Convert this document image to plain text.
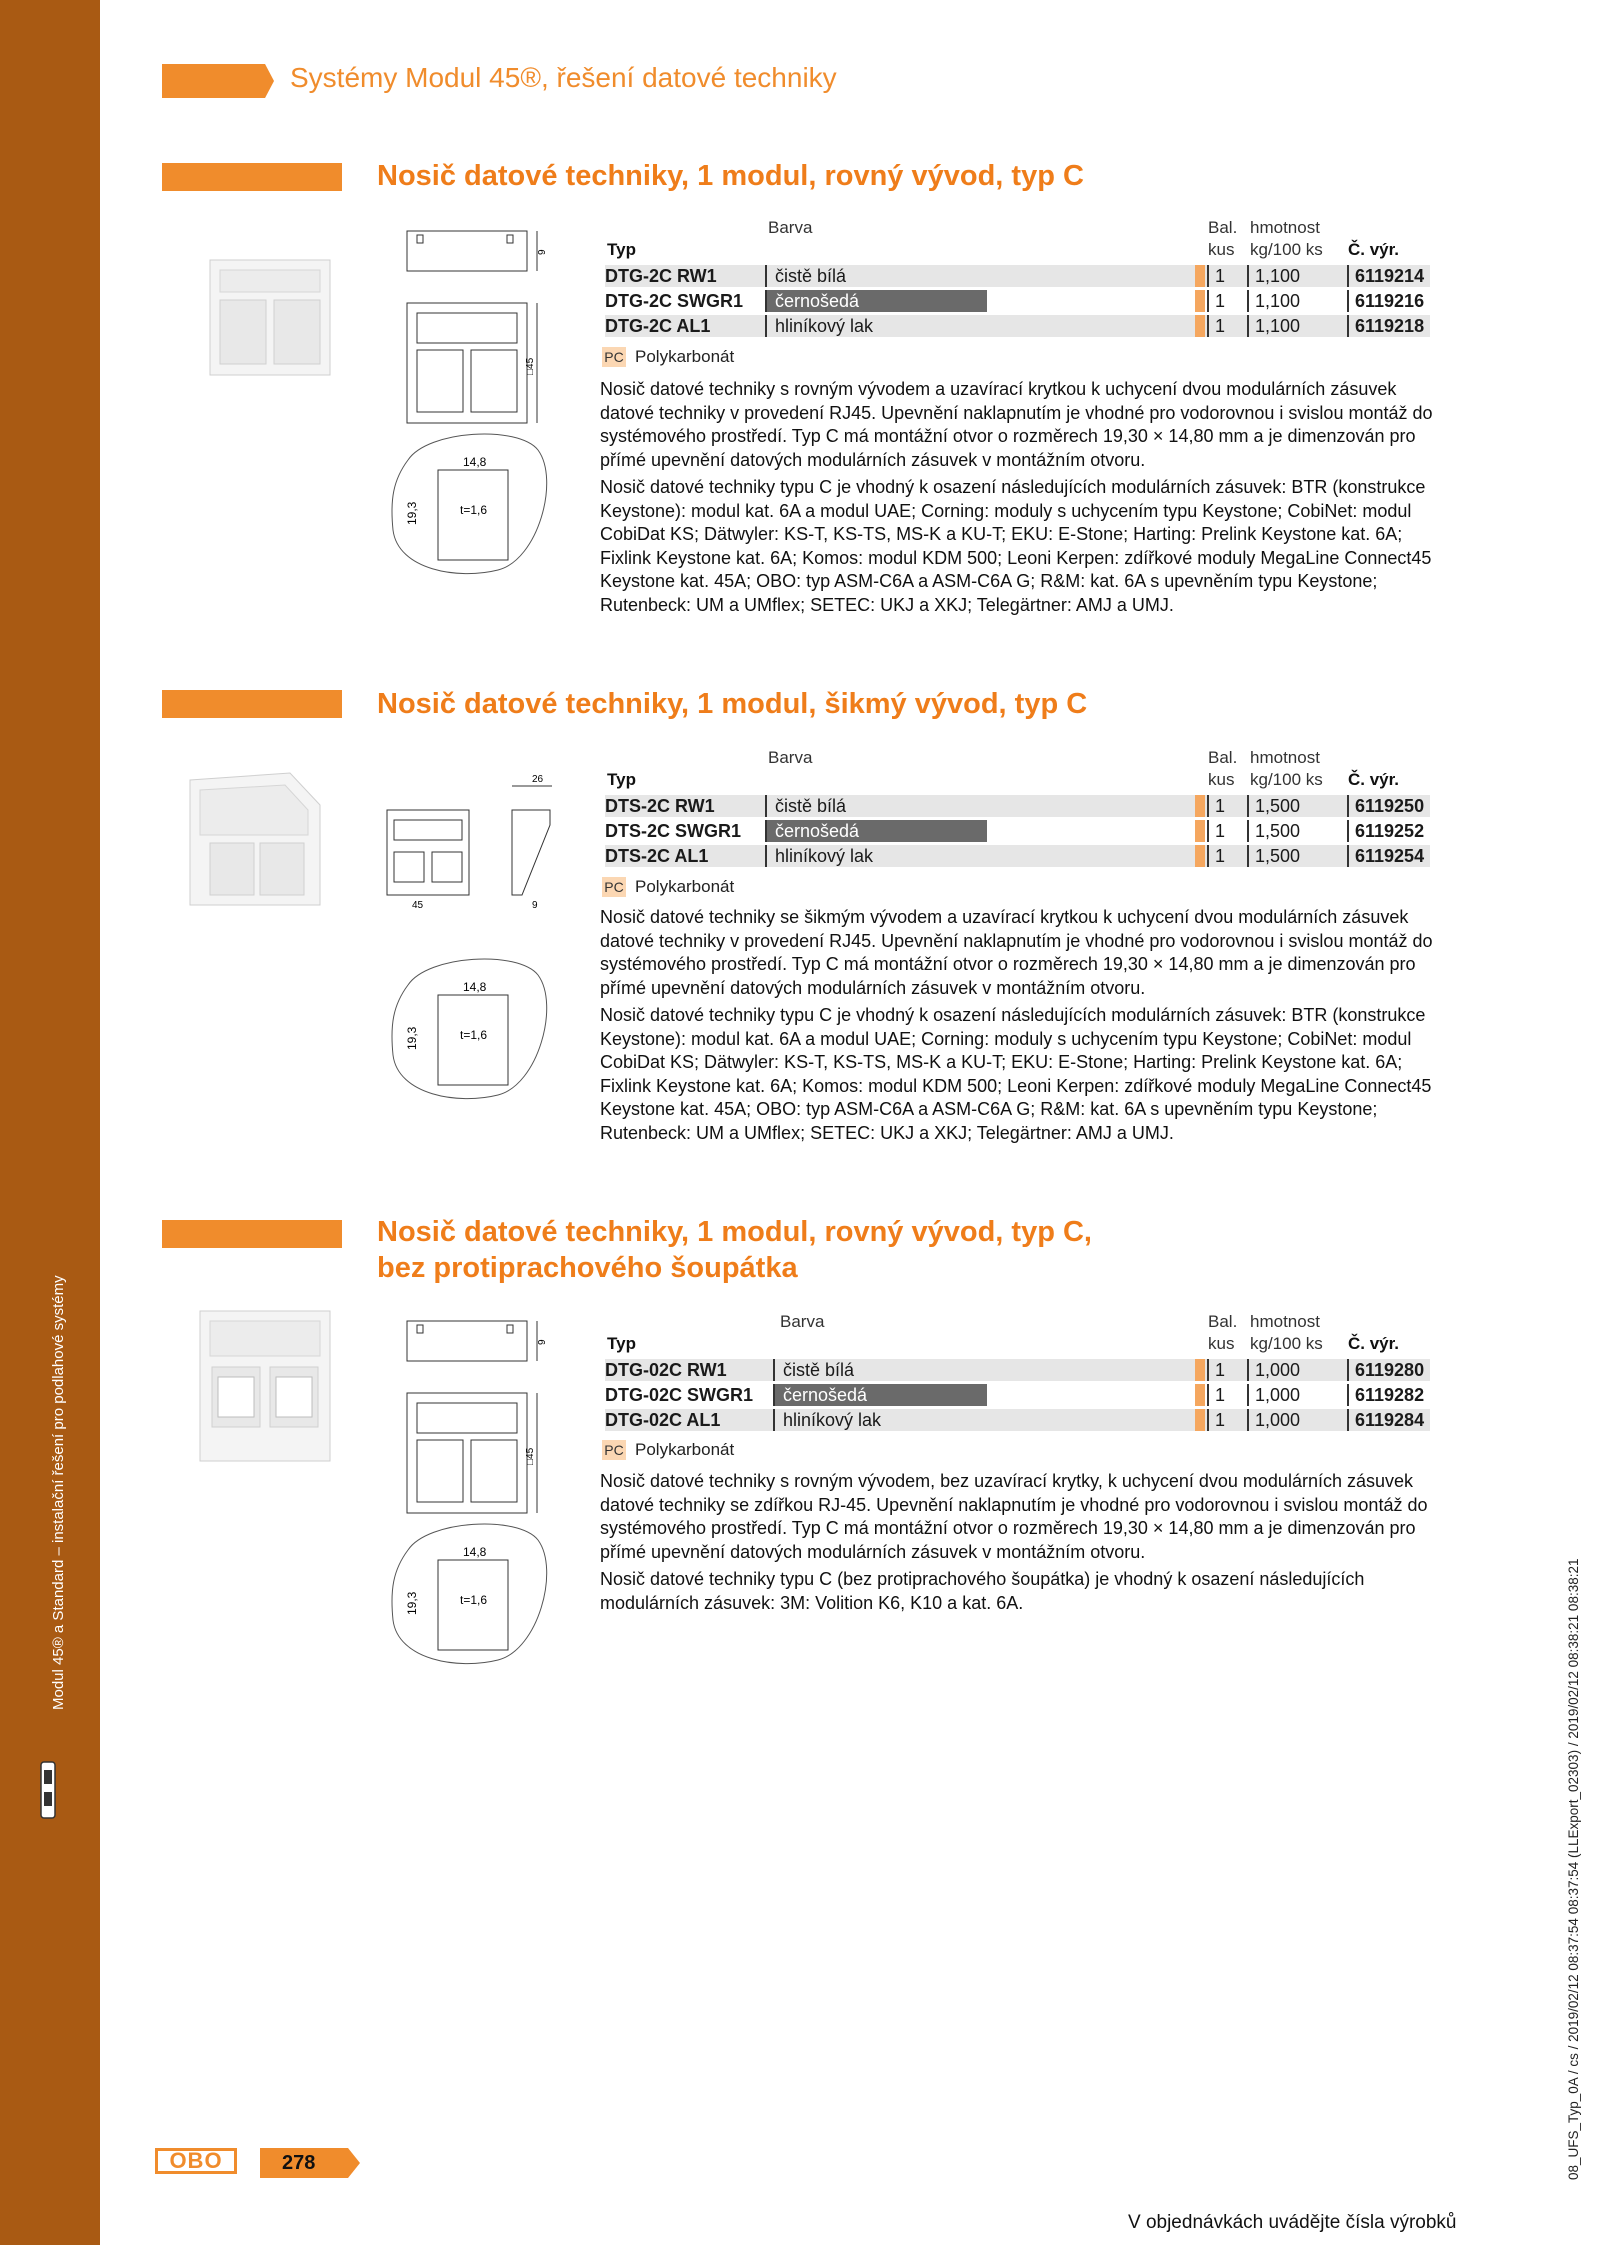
Modul 45® a Standard – instalační řešení pro podlahové systémy
Systémy Modul 45®, řešení datové techniky
Nosič datové techniky, 1 modul, rovný vývod, typ C
9
□45
14,8
19,3	t=1,6
Barva
Typ
Bal.
kus
hmotnost
kg/100 ks Č. výr.
DTG-2C RW1	čistě bílá	1	1,100	6119214
DTG-2C SWGR1	černošedá	1	1,100	6119216
DTG-2C AL1	hliníkový lak	1	1,100	6119218
PC Polykarbonát

Nosič datové techniky s rovným vývodem a uzavírací krytkou k uchycení dvou modulárních zásuvek datové techniky v provedení RJ45. Upevnění naklapnutím je vhodné pro vodorovnou i svislou montáž do systémového prostředí. Typ C má montážní otvor o rozměrech 19,30 × 14,80 mm a je dimenzován pro přímé upevnění datových modulárních zásuvek v montážním otvoru.

Nosič datové techniky typu C je vhodný k osazení následujících modulárních zásuvek: BTR (konstrukce Keystone): modul kat. 6A a modul UAE; Corning: moduly s uchycením typu Keystone; CobiNet: modul CobiDat KS; Dätwyler: KS-T, KS-TS, MS-K a KU-T; EKU: E-Stone; Harting: Prelink Keystone kat. 6A; Fixlink Keystone kat. 6A; Komos: modul KDM 500; Leoni Kerpen: zdířkové moduly MegaLine Connect45 Keystone kat. 45A; OBO: typ ASM-C6A a ASM-C6A G; R&M: kat. 6A s upevněním typu Keystone; Rutenbeck: UM a UMflex; SETEC: UKJ a XKJ; Telegärtner: AMJ a UMJ.

Nosič datové techniky, 1 modul, šikmý vývod, typ C
26
45	9
14,8
19,3	t=1,6
Barva
Typ
Bal.
kus
hmotnost
kg/100 ks Č. výr.
DTS-2C RW1	čistě bílá	1	1,500	6119250
DTS-2C SWGR1	černošedá	1	1,500	6119252
DTS-2C AL1	hliníkový lak	1	1,500	6119254
PC Polykarbonát

Nosič datové techniky se šikmým vývodem a uzavírací krytkou k uchycení dvou modulárních zásuvek datové techniky v provedení RJ45. Upevnění naklapnutím je vhodné pro vodorovnou i svislou montáž do systémového prostředí. Typ C má montážní otvor o rozměrech 19,30 × 14,80 mm a je dimenzován pro přímé upevnění datových modulárních zásuvek v montážním otvoru.

Nosič datové techniky typu C je vhodný k osazení následujících modulárních zásuvek: BTR (konstrukce Keystone): modul kat. 6A a modul UAE; Corning: moduly s uchycením typu Keystone; CobiNet: modul CobiDat KS; Dätwyler: KS-T, KS-TS, MS-K a KU-T; EKU: E-Stone; Harting: Prelink Keystone kat. 6A; Fixlink Keystone kat. 6A; Komos: modul KDM 500; Leoni Kerpen: zdířkové moduly MegaLine Connect45 Keystone kat. 45A; OBO: typ ASM-C6A a ASM-C6A G; R&M: kat. 6A s upevněním typu Keystone; Rutenbeck: UM a UMflex; SETEC: UKJ a XKJ; Telegärtner: AMJ a UMJ.

Nosič datové techniky, 1 modul, rovný vývod, typ C,
bez protiprachového šoupátka
9
□45
14,8
19,3	t=1,6
Barva
Typ
Bal.
kus
hmotnost
kg/100 ks Č. výr.
DTG-02C RW1	čistě bílá	1	1,000	6119280
DTG-02C SWGR1	černošedá	1	1,000	6119282
DTG-02C AL1	hliníkový lak	1	1,000	6119284
PC Polykarbonát

Nosič datové techniky s rovným vývodem, bez uzavírací krytky, k uchycení dvou modulárních zásuvek datové techniky se zdířkou RJ-45. Upevnění naklapnutím je vhodné pro vodorovnou i svislou montáž do systémového prostředí. Typ C má montážní otvor o rozměrech 19,30 × 14,80 mm a je dimenzován pro přímé upevnění datových modulárních zásuvek v montážním otvoru.

Nosič datové techniky typu C (bez protiprachového šoupátka) je vhodný k osazení následujících modulárních zásuvek: 3M: Volition K6, K10 a kat. 6A.

OBO	278
V objednávkách uvádějte čísla výrobků
08_UFS_Typ_0A / cs / 2019/02/12 08:37:54 08:37:54 (LLExport_02303) / 2019/02/12 08:38:21 08:38:21
